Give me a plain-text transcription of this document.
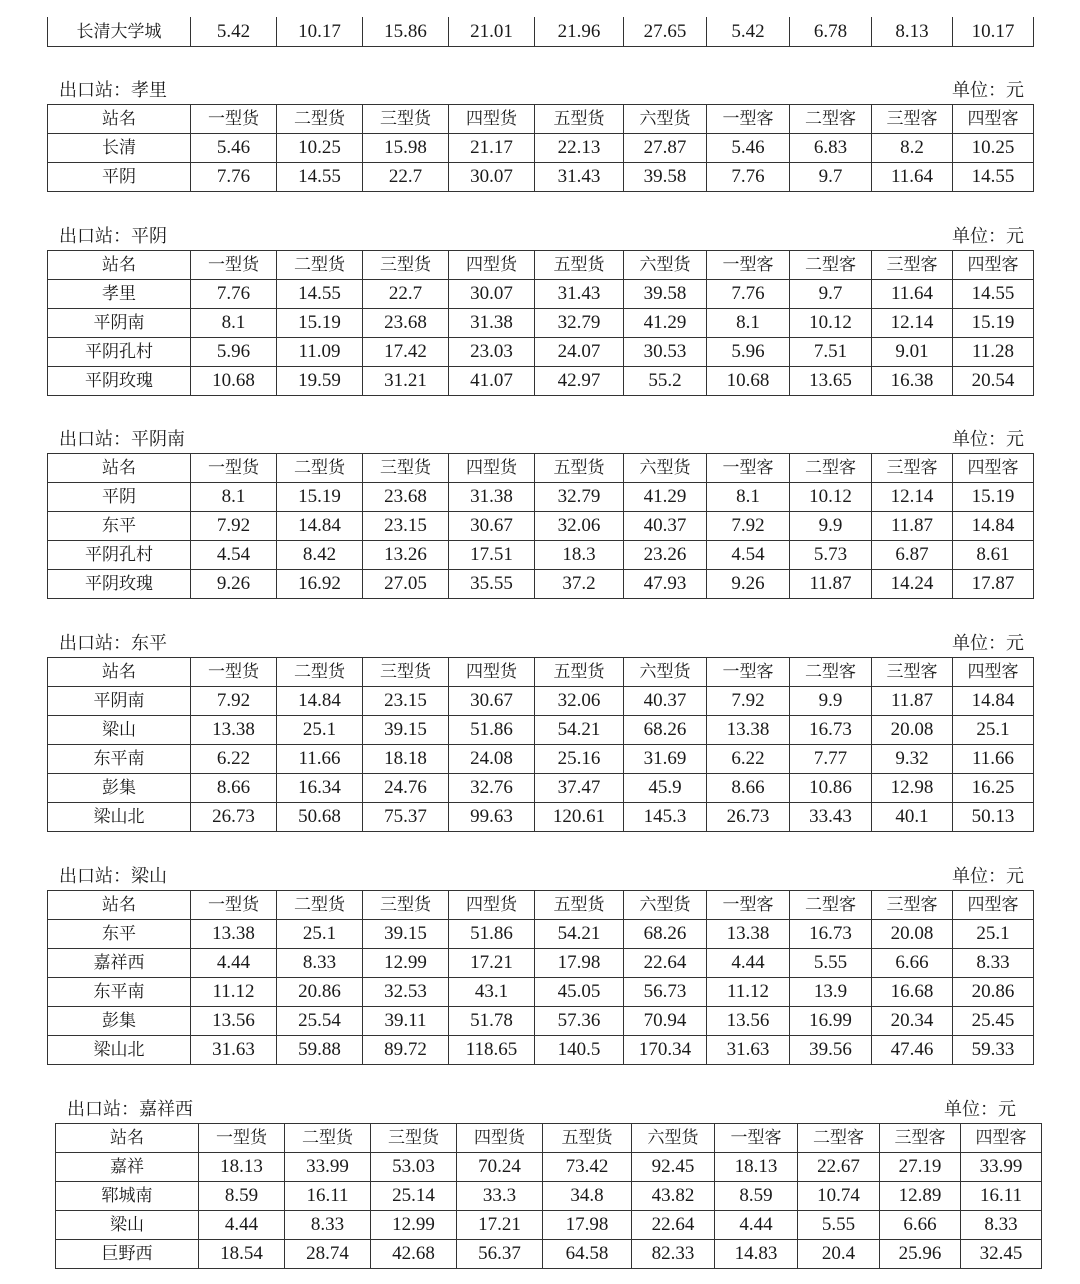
长清大学城	5.42	10.17	15.86	21.01	21.96	27.65	5.42	6.78	8.13	10.17
出口站：孝里	单位：元
站名	一型货	二型货	三型货	四型货	五型货	六型货	一型客	二型客	三型客	四型客
长清	5.46	10.25	15.98	21.17	22.13	27.87	5.46	6.83	8.2	10.25
平阴	7.76	14.55	22.7	30.07	31.43	39.58	7.76	9.7	11.64	14.55
出口站：平阴	单位：元
站名	一型货	二型货	三型货	四型货	五型货	六型货	一型客	二型客	三型客	四型客
孝里	7.76	14.55	22.7	30.07	31.43	39.58	7.76	9.7	11.64	14.55
平阴南	8.1	15.19	23.68	31.38	32.79	41.29	8.1	10.12	12.14	15.19
平阴孔村	5.96	11.09	17.42	23.03	24.07	30.53	5.96	7.51	9.01	11.28
平阴玫瑰	10.68	19.59	31.21	41.07	42.97	55.2	10.68	13.65	16.38	20.54
出口站：平阴南	单位：元
站名	一型货	二型货	三型货	四型货	五型货	六型货	一型客	二型客	三型客	四型客
平阴	8.1	15.19	23.68	31.38	32.79	41.29	8.1	10.12	12.14	15.19
东平	7.92	14.84	23.15	30.67	32.06	40.37	7.92	9.9	11.87	14.84
平阴孔村	4.54	8.42	13.26	17.51	18.3	23.26	4.54	5.73	6.87	8.61
平阴玫瑰	9.26	16.92	27.05	35.55	37.2	47.93	9.26	11.87	14.24	17.87
出口站：东平	单位：元
站名	一型货	二型货	三型货	四型货	五型货	六型货	一型客	二型客	三型客	四型客
平阴南	7.92	14.84	23.15	30.67	32.06	40.37	7.92	9.9	11.87	14.84
梁山	13.38	25.1	39.15	51.86	54.21	68.26	13.38	16.73	20.08	25.1
东平南	6.22	11.66	18.18	24.08	25.16	31.69	6.22	7.77	9.32	11.66
彭集	8.66	16.34	24.76	32.76	37.47	45.9	8.66	10.86	12.98	16.25
梁山北	26.73	50.68	75.37	99.63	120.61	145.3	26.73	33.43	40.1	50.13
出口站：梁山	单位：元
站名	一型货	二型货	三型货	四型货	五型货	六型货	一型客	二型客	三型客	四型客
东平	13.38	25.1	39.15	51.86	54.21	68.26	13.38	16.73	20.08	25.1
嘉祥西	4.44	8.33	12.99	17.21	17.98	22.64	4.44	5.55	6.66	8.33
东平南	11.12	20.86	32.53	43.1	45.05	56.73	11.12	13.9	16.68	20.86
彭集	13.56	25.54	39.11	51.78	57.36	70.94	13.56	16.99	20.34	25.45
梁山北	31.63	59.88	89.72	118.65	140.5	170.34	31.63	39.56	47.46	59.33
出口站：嘉祥西	单位：元
站名	一型货	二型货	三型货	四型货	五型货	六型货	一型客	二型客	三型客	四型客
嘉祥	18.13	33.99	53.03	70.24	73.42	92.45	18.13	22.67	27.19	33.99
郓城南	8.59	16.11	25.14	33.3	34.8	43.82	8.59	10.74	12.89	16.11
梁山	4.44	8.33	12.99	17.21	17.98	22.64	4.44	5.55	6.66	8.33
巨野西	18.54	28.74	42.68	56.37	64.58	82.33	14.83	20.4	25.96	32.45
